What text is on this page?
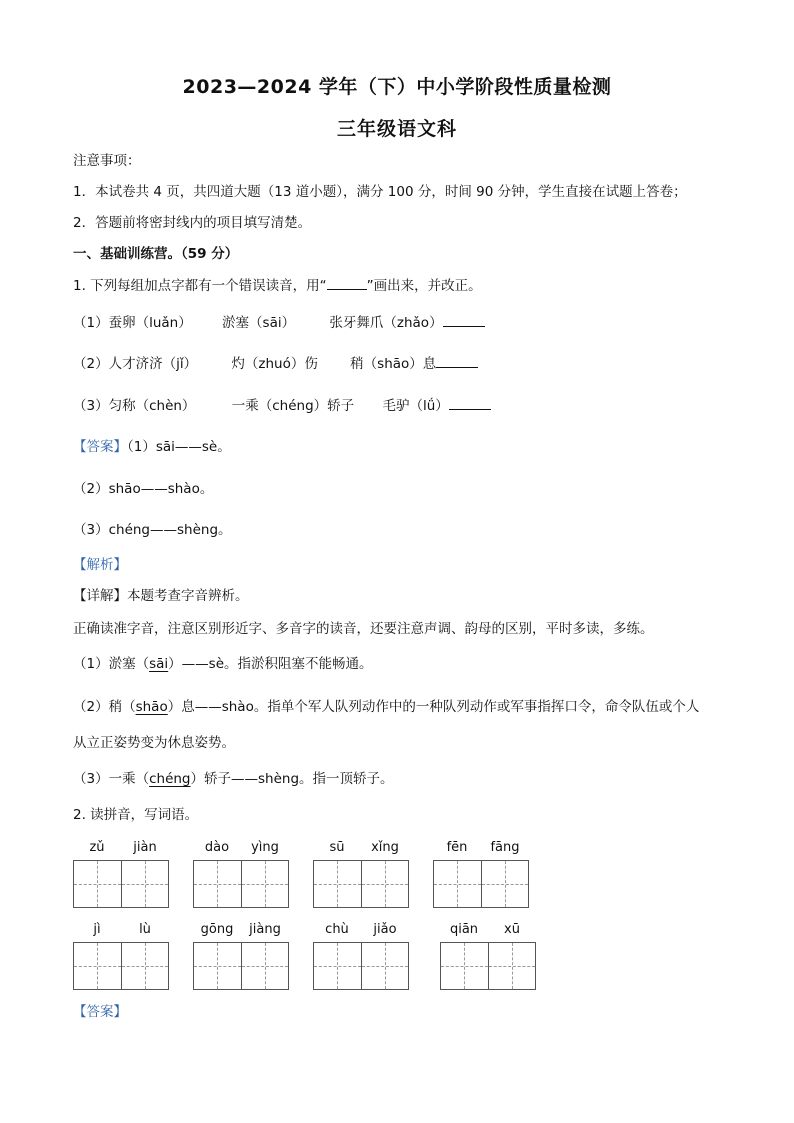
2023—2024 学年（下）中小学阶段性质量检测
三年级语文科
注意事项：
1．本试卷共 4 页，共四道大题（13 道小题），满分 100 分，时间 90 分钟，学生直接在试题上答卷；
2．答题前将密封线内的项目填写清楚。
一、基础训练营。（59 分）
1. 下列每组加点字都有一个错误读音，用“	”画出来，并改正。
（1）蚕卵（luǎn） 淤塞（sāi）	张牙舞爪（zhǎo）
（2）人才济济（jǐ）	灼（zhuó）伤 稍（shāo）息
（3）匀称（chèn）	一乘（chéng）轿子 毛驴（lǘ）
【答案】（1）sāi——sè。
（2）shāo——shào。
（3）chéng——shèng。
【解析】
【详解】本题考查字音辨析。
正确读准字音，注意区别形近字、多音字的读音，还要注意声调、韵母的区别，平时多读，多练。
（1）淤塞（sāi）——sè。指淤积阻塞不能畅通。
（2）稍（shāo）息——shào。指单个军人队列动作中的一种队列动作或军事指挥口令，命令队伍或个人
从立正姿势变为休息姿势。
（3）一乘（chéng）轿子——shèng。指一顶轿子。
2. 读拼音，写词语。
zǔ	jiàn	dào	yìng	sū	xǐng	fēn	fāng
jì	lù	gōng	jiàng	chù	jiǎo	qiān	xū
【答案】
